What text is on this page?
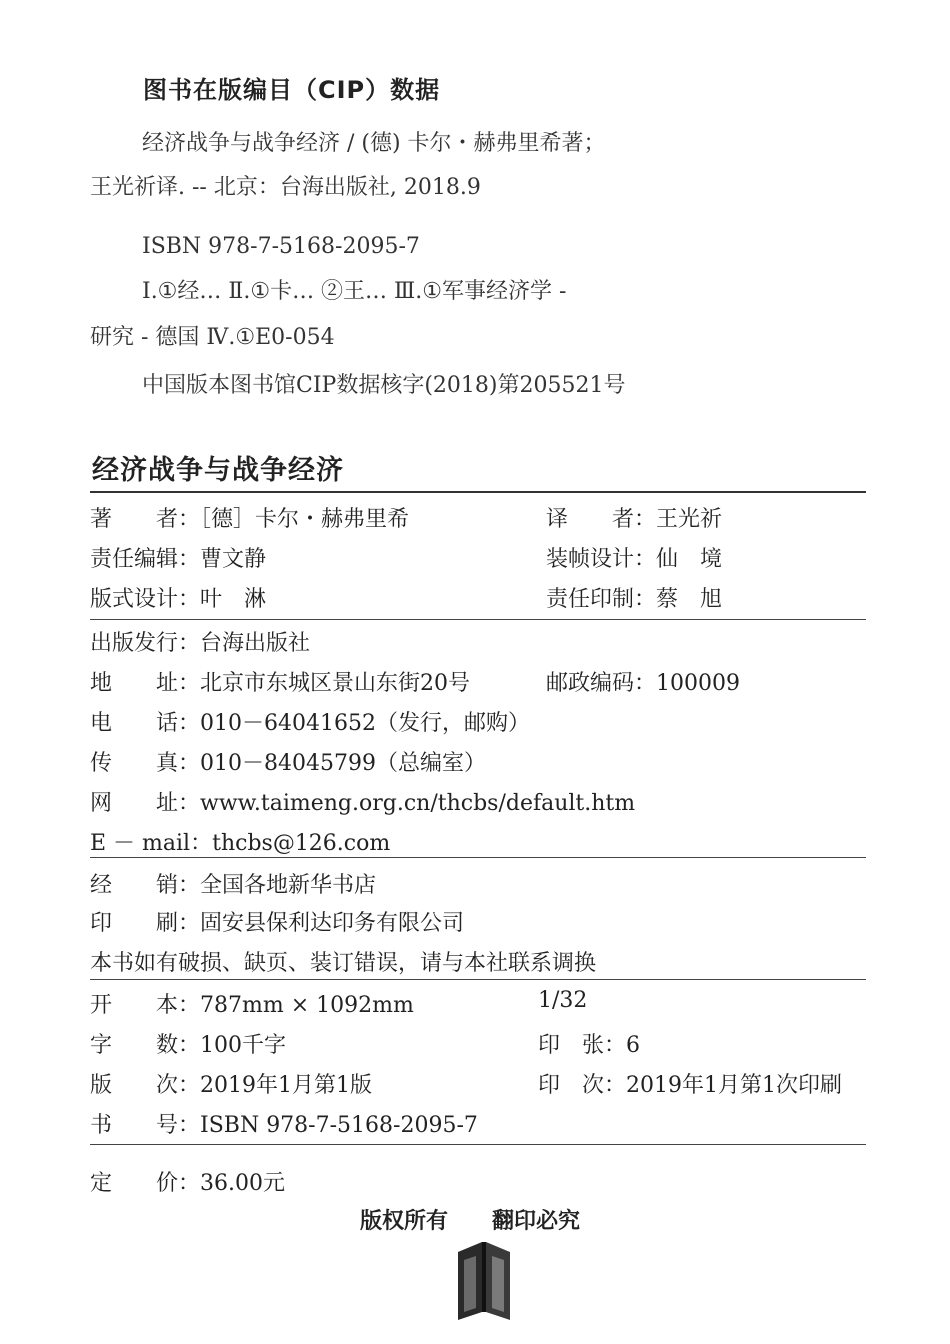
图书在版编目（CIP）数据
经济战争与战争经济 / (德) 卡尔・赫弗里希著；
王光祈译. -- 北京：台海出版社, 2018.9
ISBN 978-7-5168-2095-7
Ⅰ.①经… Ⅱ.①卡… ②王… Ⅲ.①军事经济学 -
研究 - 德国 Ⅳ.①E0-054
中国版本图书馆CIP数据核字(2018)第205521号
经济战争与战争经济
著　　者：［德］卡尔・赫弗里希	译　　者：王光祈
责任编辑：曹文静	装帧设计：仙　境
版式设计：叶　淋	责任印制：蔡　旭
出版发行：台海出版社
地　　址：北京市东城区景山东街20号	邮政编码：100009
电　　话：010－64041652（发行，邮购）
传　　真：010－84045799（总编室）
网　　址：www.taimeng.org.cn/thcbs/default.htm
E － mail：thcbs@126.com
经　　销：全国各地新华书店
印　　刷：固安县保利达印务有限公司
本书如有破损、缺页、装订错误，请与本社联系调换
开　　本：787mm × 1092mm	1/32
字　　数：100千字	印　张：6
版　　次：2019年1月第1版	印　次：2019年1月第1次印刷
书　　号：ISBN 978-7-5168-2095-7
定　　价：36.00元
版权所有　　翻印必究
